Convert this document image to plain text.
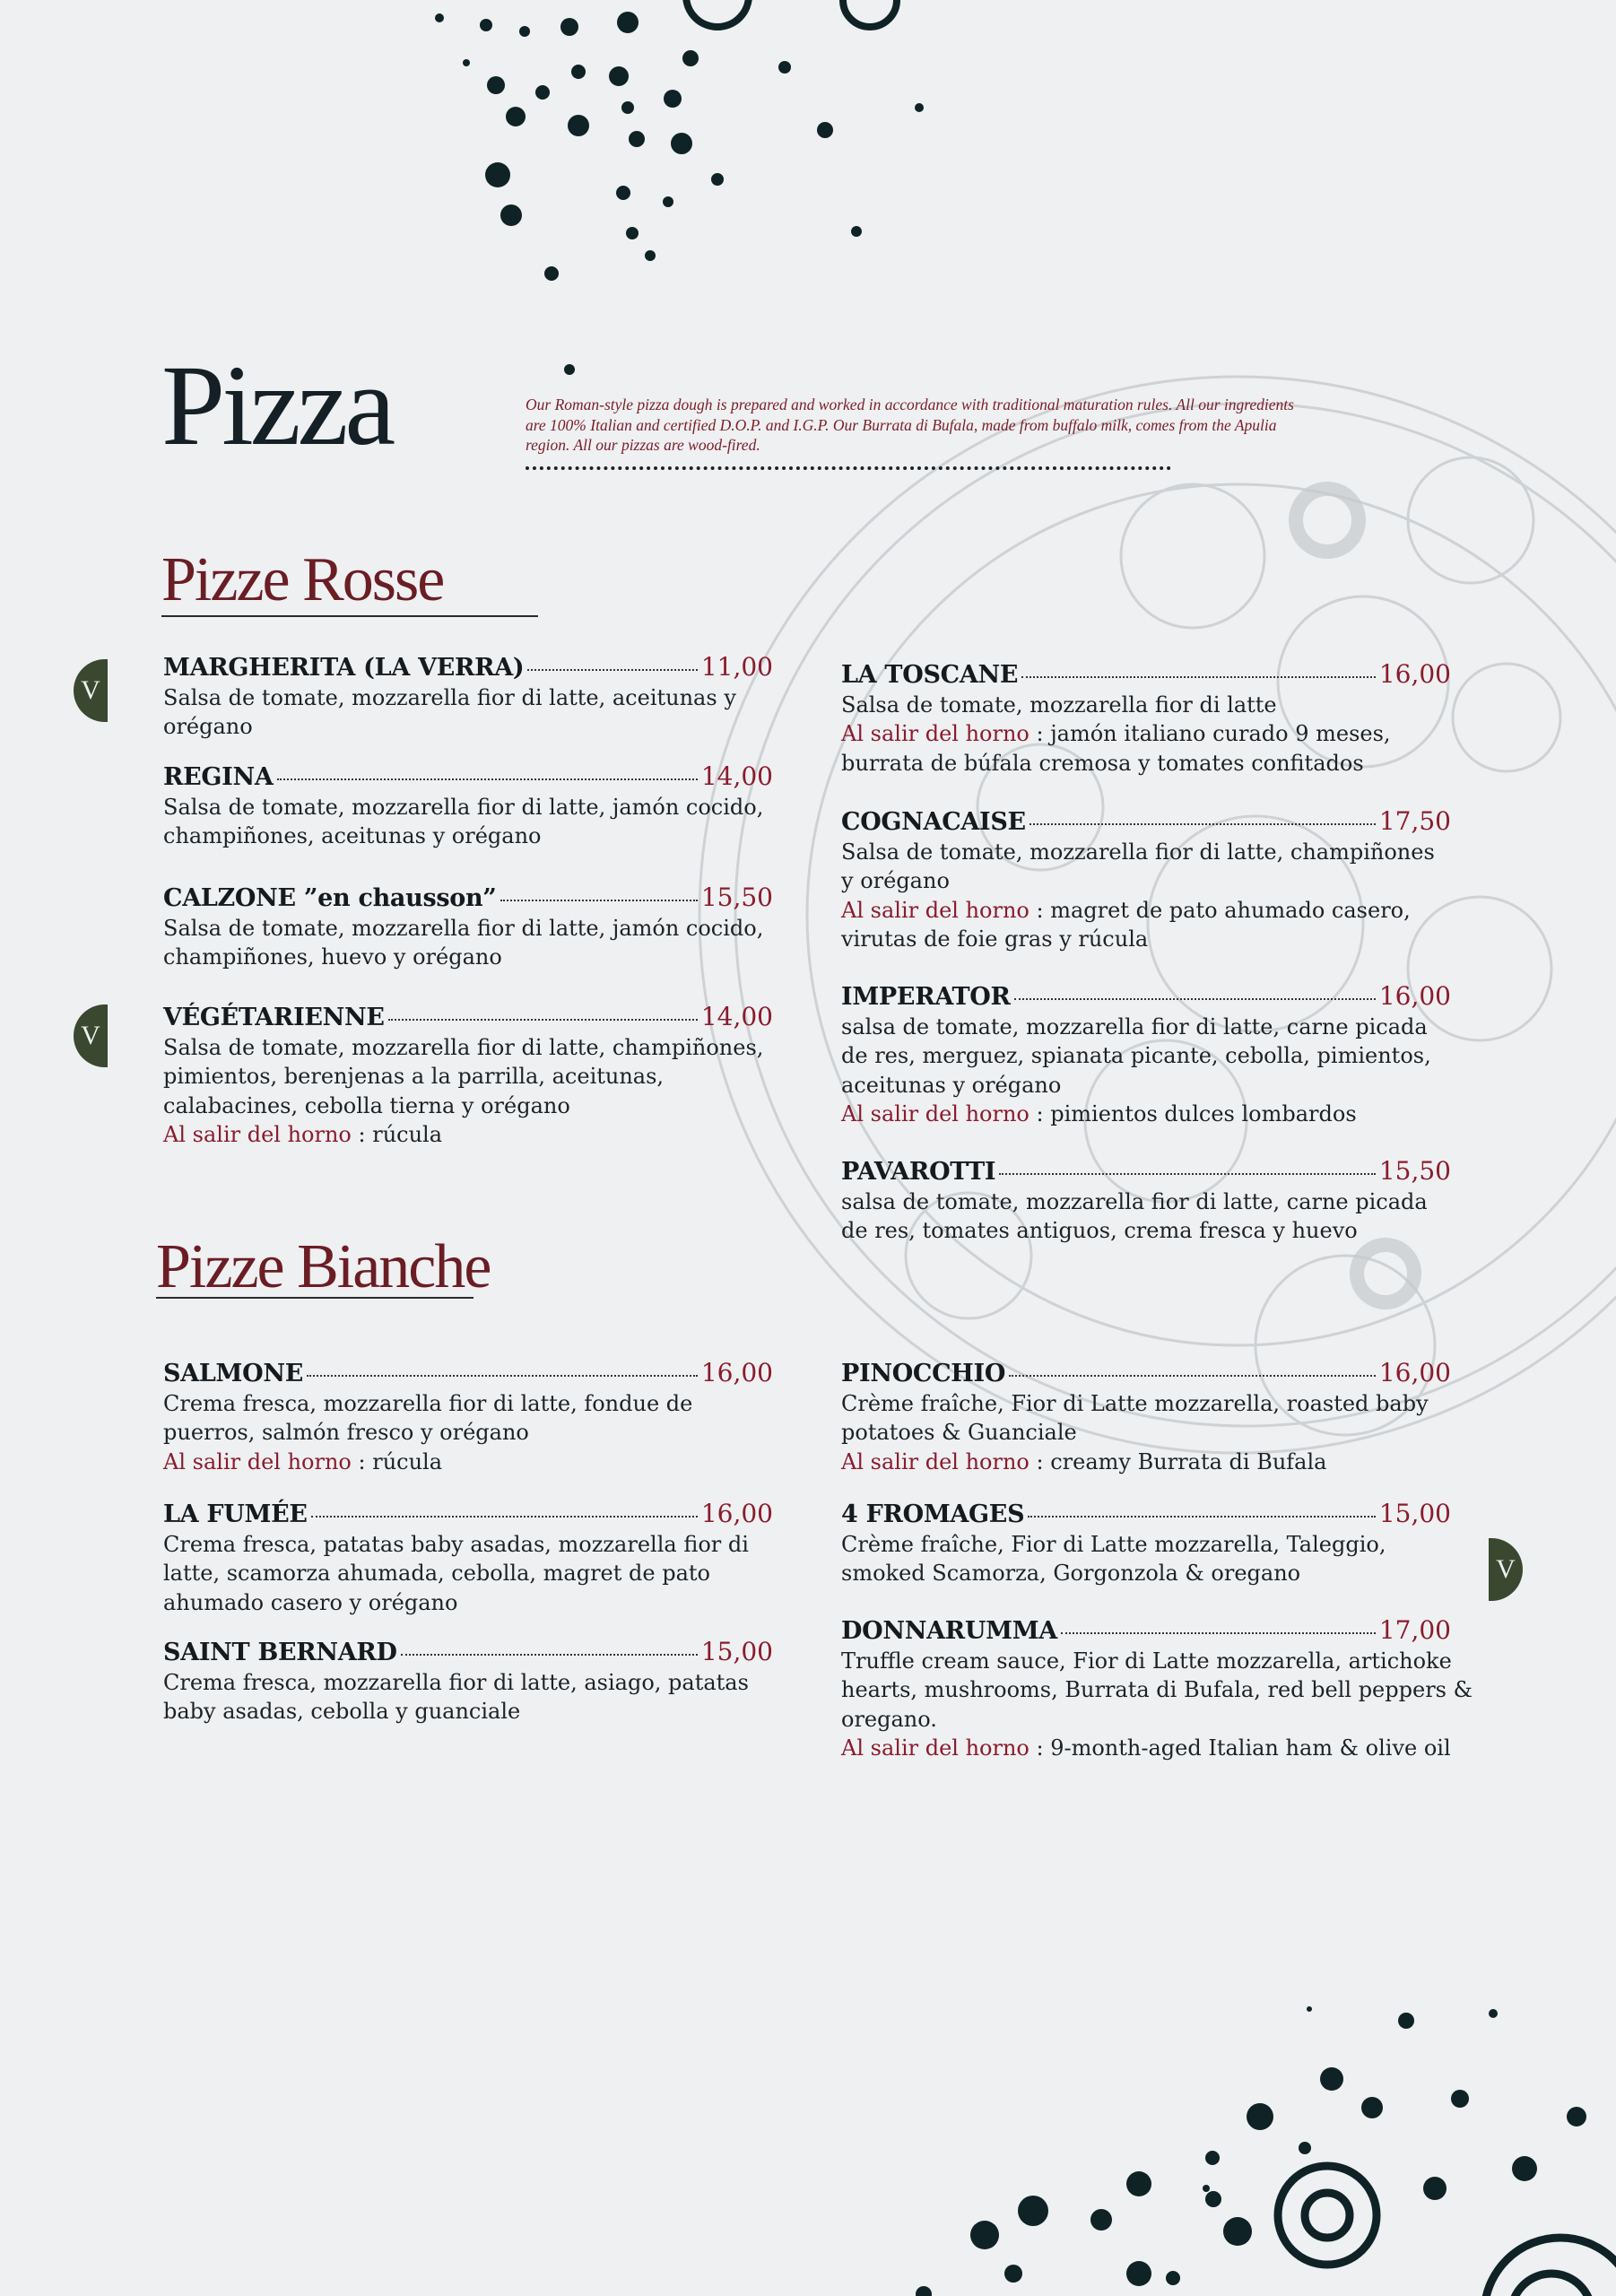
Pizza	Our Roman-style pizza dough is prepared and worked in accordance with traditional maturation rules. All our ingredients are 100% Italian and certified D.O.P. and I.G.P. Our Burrata di Bufala, made from buffalo milk, comes from the Apulia region. All our pizzas are wood-fired.
Pizze Rosse
V
V
MARGHERITA (LA VERRA)	11,00
Salsa de tomate, mozzarella fior di latte, aceitunas y orégano
REGINA	14,00
Salsa de tomate, mozzarella fior di latte, jamón cocido, champiñones, aceitunas y orégano
CALZONE ”en chausson”	15,50
Salsa de tomate, mozzarella fior di latte, jamón cocido, champiñones, huevo y orégano
VÉGÉTARIENNE	14,00
Salsa de tomate, mozzarella fior di latte, champiñones, pimientos, berenjenas a la parrilla, aceitunas, calabacines, cebolla tierna y orégano
Al salir del horno : rúcula
LA TOSCANE	16,00
Salsa de tomate, mozzarella fior di latte
Al salir del horno : jamón italiano curado 9 meses, burrata de búfala cremosa y tomates confitados
COGNACAISE	17,50
Salsa de tomate, mozzarella fior di latte, champiñones y orégano
Al salir del horno : magret de pato ahumado casero, virutas de foie gras y rúcula
IMPERATOR	16,00
salsa de tomate, mozzarella fior di latte, carne picada de res, merguez, spianata picante, cebolla, pimientos, aceitunas y orégano
Al salir del horno : pimientos dulces lombardos
PAVAROTTI	15,50
salsa de tomate, mozzarella fior di latte, carne picada de res, tomates antiguos, crema fresca y huevo
Pizze Bianche
V
SALMONE	16,00
Crema fresca, mozzarella fior di latte, fondue de puerros, salmón fresco y orégano
Al salir del horno : rúcula
LA FUMÉE	16,00
Crema fresca, patatas baby asadas, mozzarella fior di latte, scamorza ahumada, cebolla, magret de pato ahumado casero y orégano
SAINT BERNARD	15,00
Crema fresca, mozzarella fior di latte, asiago, patatas baby asadas, cebolla y guanciale
PINOCCHIO	16,00
Crème fraîche, Fior di Latte mozzarella, roasted baby potatoes & Guanciale
Al salir del horno : creamy Burrata di Bufala
4 FROMAGES	15,00
Crème fraîche, Fior di Latte mozzarella, Taleggio, smoked Scamorza, Gorgonzola & oregano
DONNARUMMA	17,00
Truffle cream sauce, Fior di Latte mozzarella, artichoke hearts, mushrooms, Burrata di Bufala, red bell peppers & oregano.
Al salir del horno : 9-month-aged Italian ham & olive oil
